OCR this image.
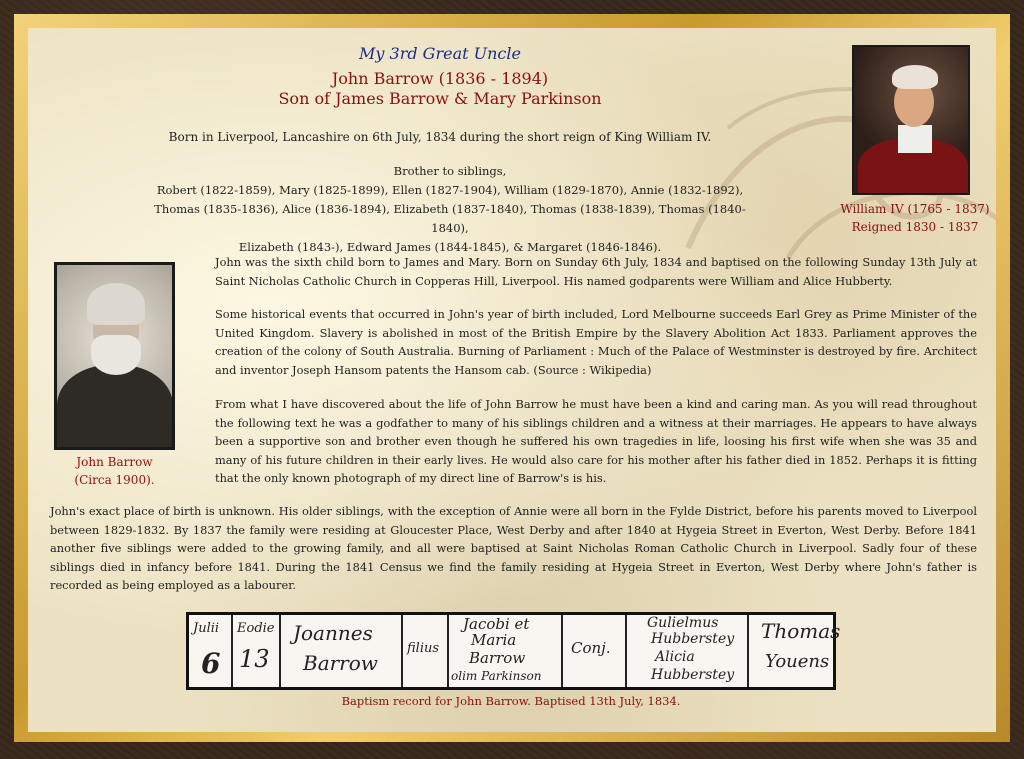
My 3rd Great Uncle
John Barrow (1836 - 1894)
Son of James Barrow & Mary Parkinson
Born in Liverpool, Lancashire on 6th July, 1834 during the short reign of King William IV.
Brother to siblings,
Robert (1822-1859), Mary (1825-1899), Ellen (1827-1904), William (1829-1870), Annie (1832-1892),
Thomas (1835-1836), Alice (1836-1894), Elizabeth (1837-1840), Thomas (1838-1839), Thomas (1840-1840),
Elizabeth (1843-), Edward James (1844-1845), & Margaret (1846-1846).
William IV (1765 - 1837)
Reigned 1830 - 1837
John Barrow
(Circa 1900).

John was the sixth child born to James and Mary. Born on Sunday 6th July, 1834 and baptised on the following Sunday 13th July at Saint Nicholas Catholic Church in Copperas Hill, Liverpool. His named godparents were William and Alice Hubberty.

Some historical events that occurred in John's year of birth included, Lord Melbourne succeeds Earl Grey as Prime Minister of the United Kingdom. Slavery is abolished in most of the British Empire by the Slavery Abolition Act 1833. Parliament approves the creation of the colony of South Australia. Burning of Parliament : Much of the Palace of Westminster is destroyed by fire. Architect and inventor Joseph Hansom patents the Hansom cab. (Source : Wikipedia)

From what I have discovered about the life of John Barrow he must have been a kind and caring man. As you will read throughout the following text he was a godfather to many of his siblings children and a witness at their marriages. He appears to have always been a supportive son and brother even though he suffered his own tragedies in life, loosing his first wife when she was 35 and many of his future children in their early lives. He would also care for his mother after his father died in 1852. Perhaps it is fitting that the only known photograph of my direct line of Barrow's is his.

John's exact place of birth is unknown. His older siblings, with the exception of Annie were all born in the Fylde District, before his parents moved to Liverpool between 1829-1832. By 1837 the family were residing at Gloucester Place, West Derby and after 1840 at Hygeia Street in Everton, West Derby. Before 1841 another five siblings were added to the growing family, and all were baptised at Saint Nicholas Roman Catholic Church in Liverpool. Sadly four of these siblings died in infancy before 1841. During the 1841 Census we find the family residing at Hygeia Street in Everton, West Derby where John's father is recorded as being employed as a labourer.

Julii
6
Eodie
13
Joannes
Barrow
filius
Jacobi et
Maria
Barrow
olim Parkinson
Conj.
Gulielmus
Hubberstey
Alicia
Hubberstey
Thomas
Youens
Baptism record for John Barrow. Baptised 13th July, 1834.
